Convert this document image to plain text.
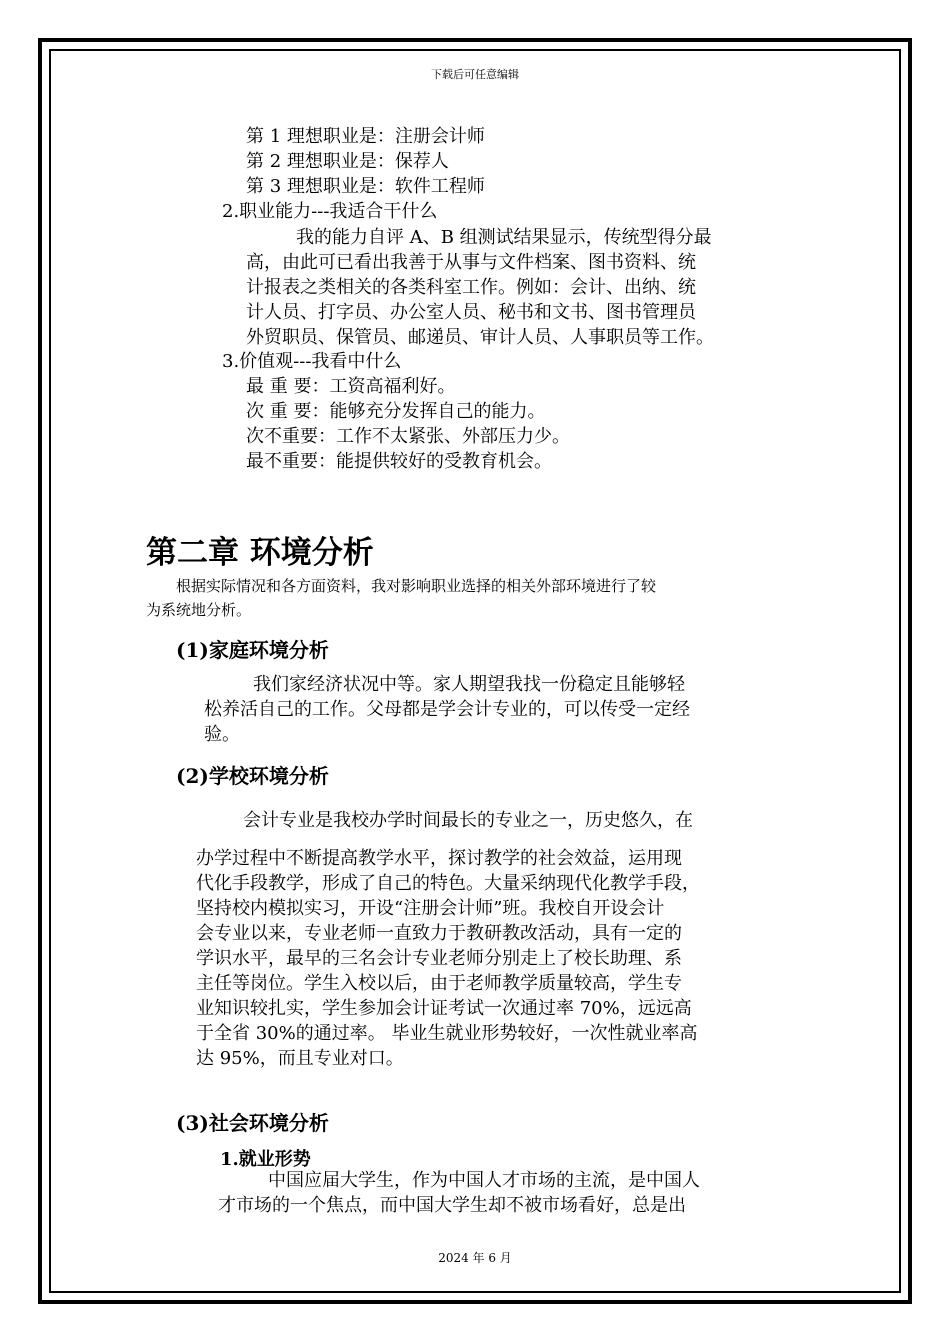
下载后可任意编辑
第 1 理想职业是：注册会计师
第 2 理想职业是：保荐人
第 3 理想职业是：软件工程师
2.职业能力---我适合干什么
我的能力自评 A、B 组测试结果显示，传统型得分最
高，由此可已看出我善于从事与文件档案、图书资料、统
计报表之类相关的各类科室工作。例如：会计、出纳、统
计人员、打字员、办公室人员、秘书和文书、图书管理员
外贸职员、保管员、邮递员、审计人员、人事职员等工作。
3.价值观---我看中什么
最 重 要：工资高福利好。
次 重 要：能够充分发挥自己的能力。
次不重要：工作不太紧张、外部压力少。
最不重要：能提供较好的受教育机会。
第二章 环境分析
根据实际情况和各方面资料，我对影响职业选择的相关外部环境进行了较
为系统地分析。
(1)家庭环境分析
我们家经济状况中等。家人期望我找一份稳定且能够轻
松养活自己的工作。父母都是学会计专业的，可以传受一定经
验。
(2)学校环境分析
会计专业是我校办学时间最长的专业之一，历史悠久，在
办学过程中不断提高教学水平，探讨教学的社会效益，运用现
代化手段教学，形成了自己的特色。大量采纳现代化教学手段，
坚持校内模拟实习，开设“注册会计师”班。我校自开设会计
会专业以来，专业老师一直致力于教研教改活动，具有一定的
学识水平，最早的三名会计专业老师分别走上了校长助理、系
主任等岗位。学生入校以后，由于老师教学质量较高，学生专
业知识较扎实，学生参加会计证考试一次通过率 70%，远远高
于全省 30%的通过率。 毕业生就业形势较好，一次性就业率高
达 95%，而且专业对口。
(3)社会环境分析
1.就业形势
中国应届大学生，作为中国人才市场的主流，是中国人
才市场的一个焦点，而中国大学生却不被市场看好，总是出
2024 年 6 月
